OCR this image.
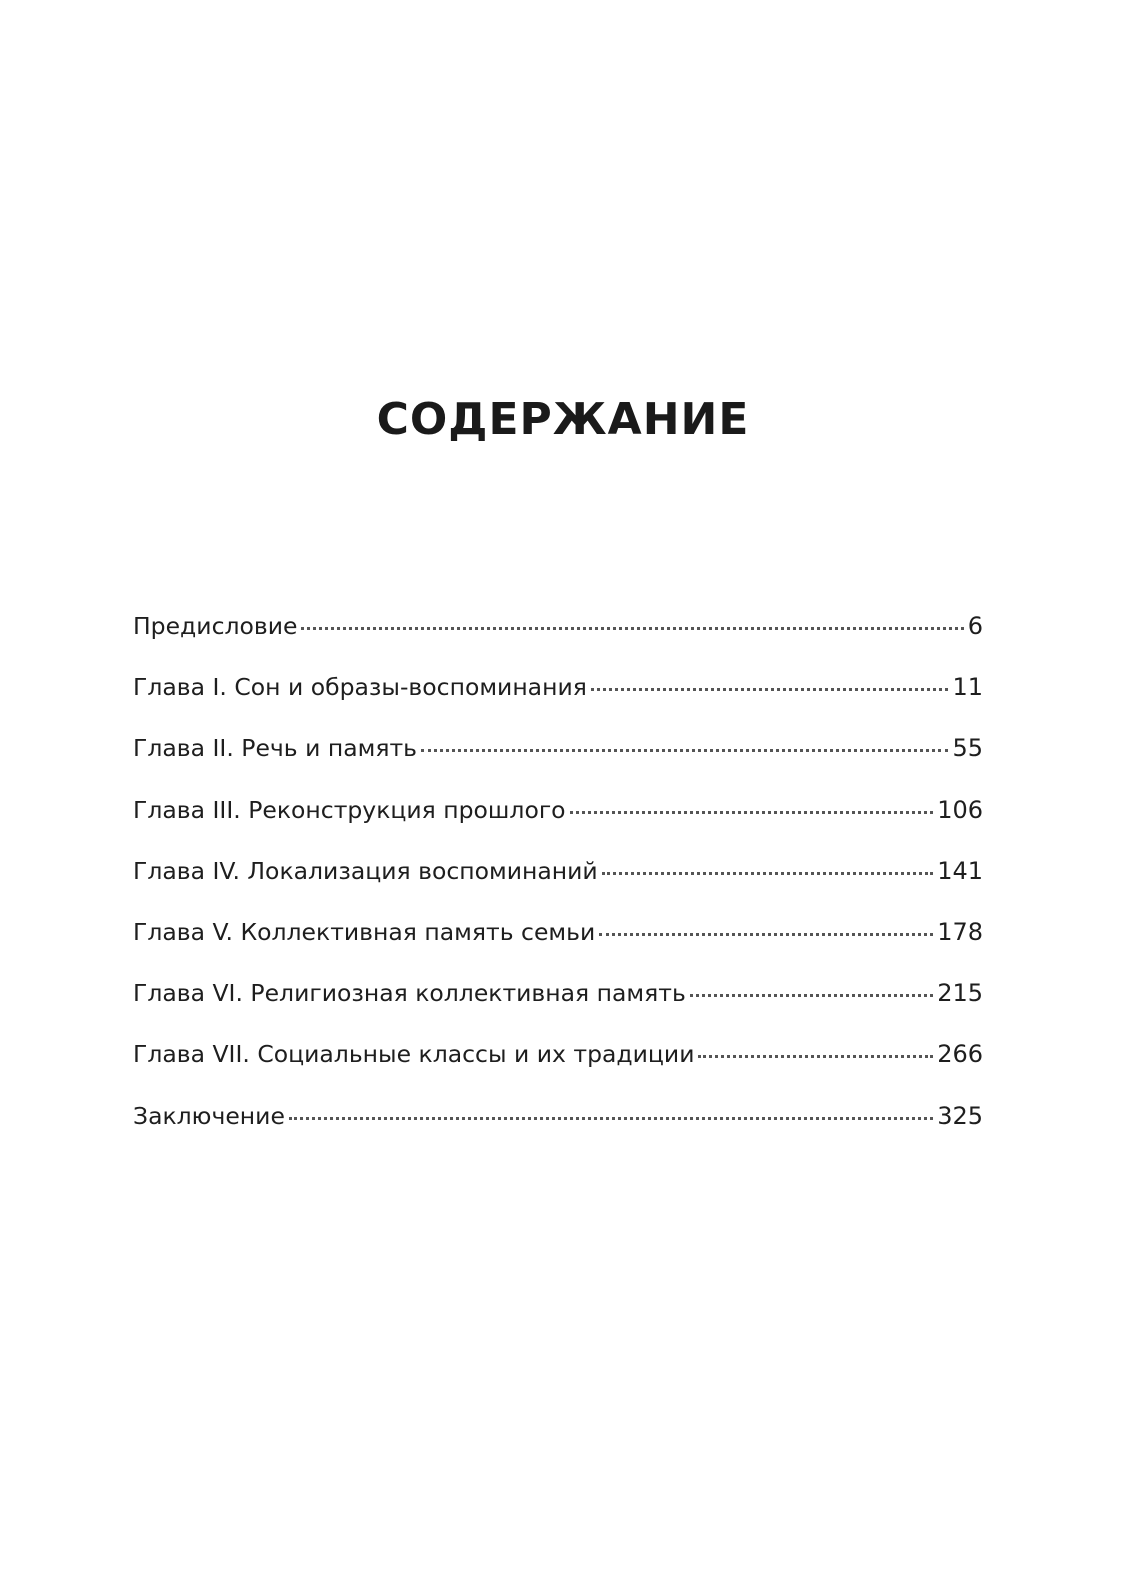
СОДЕРЖАНИЕ
Предисловие	6
Глава I. Сон и образы-воспоминания	11
Глава II. Речь и память	55
Глава III. Реконструкция прошлого	106
Глава IV. Локализация воспоминаний	141
Глава V. Коллективная память семьи	178
Глава VI. Религиозная коллективная память	215
Глава VII. Социальные классы и их традиции	266
Заключение	325
